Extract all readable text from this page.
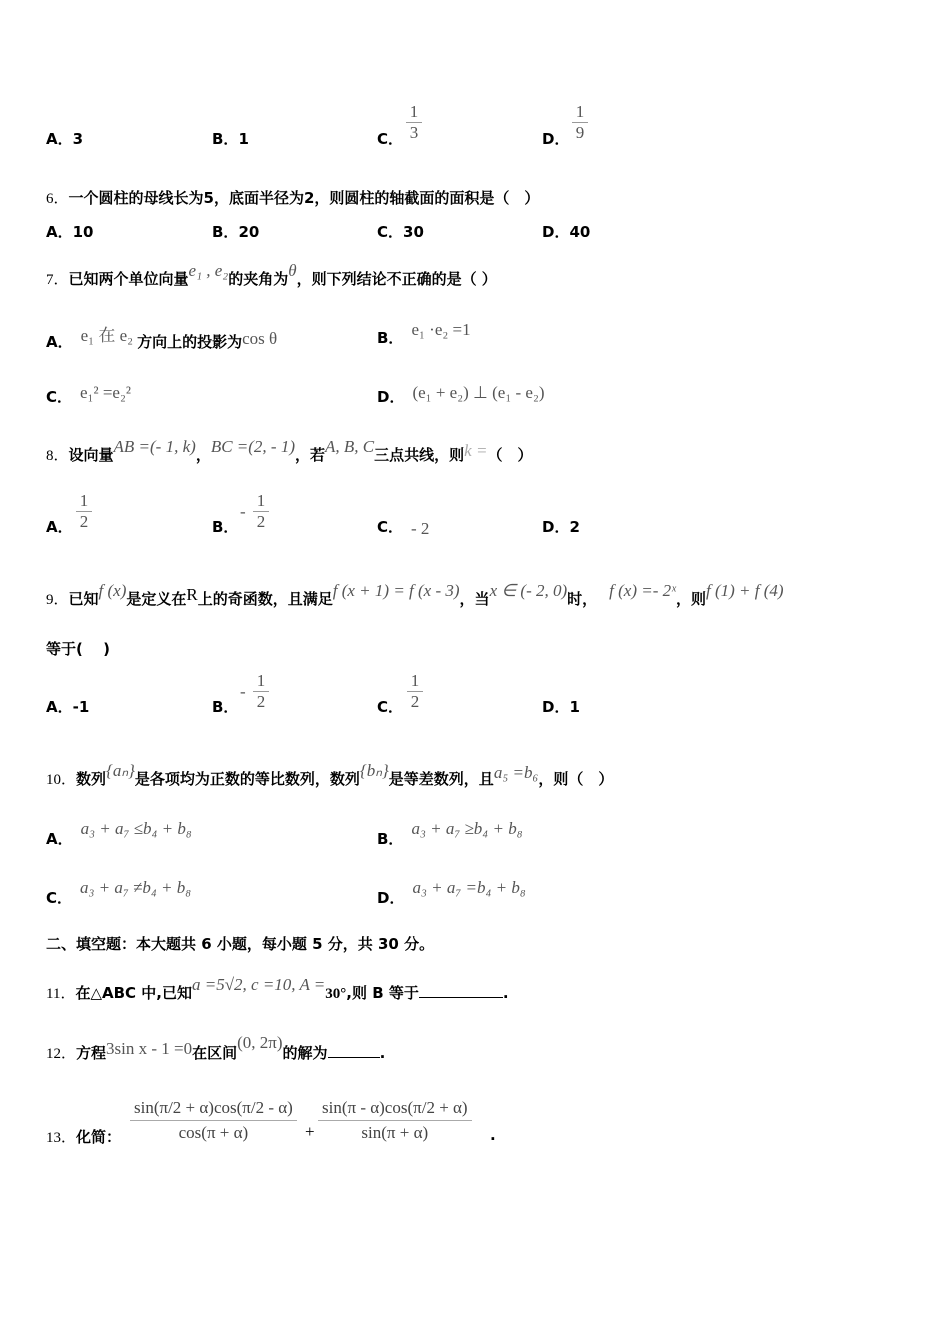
A．3	B．1	C． $\frac{1}{3}$	D． $\frac{1}{9}$
6．一个圆柱的母线长为5，底面半径为2，则圆柱的轴截面的面积是（　）
A．10	B．20	C．30	D．40
7．已知两个单位向量e₁ , e₂的夹角为θ，则下列结论不正确的是（ ）
A． e₁ 在 e₂ 方向上的投影为cos θ	B． e₁ ·e₂ =1
C． e₁² =e₂²	D． (e₁ + e₂) ⊥ (e₁ - e₂)
8．设向量AB =(- 1, k)，BC =(2, - 1)，若A, B, C三点共线，则k =（　）
A． $\frac{1}{2}$	B．
- $\frac{1}{2}$	C． - 2	D．2
9．已知f (x)是定义在R上的奇函数，且满足f (x + 1) = f (x - 3)，当x ∈ (- 2, 0)时， f (x) =- 2ˣ，则f (1) + f (4)
等于(　 )
A．-1	B．
- $\frac{1}{2}$	C． $\frac{1}{2}$	D．1
10．数列{aₙ}是各项均为正数的等比数列，数列{bₙ}是等差数列，且a₅ =b₆，则（　）
A．a₃ + a₇ ≤b₄ + b₈
B．a₃ + a₇ ≥b₄ + b₈
C．a₃ + a₇ ≠b₄ + b₈
D．a₃ + a₇ =b₄ + b₈
二、填空题：本大题共 6 小题，每小题 5 分，共 30 分。
11．在△ABC 中,已知a =5√2, c =10, A =30°,则 B 等于	.
12．方程3sin x - 1 =0在区间(0, 2π)的解为	.
13．化简： $\frac{\sin(\pi/2 + \alpha)\cos(\pi/2 - \alpha)}{\cos(\pi + \alpha)} + \frac{\sin(\pi - \alpha)\cos(\pi/2 + \alpha)}{\sin(\pi + \alpha)}$ .
